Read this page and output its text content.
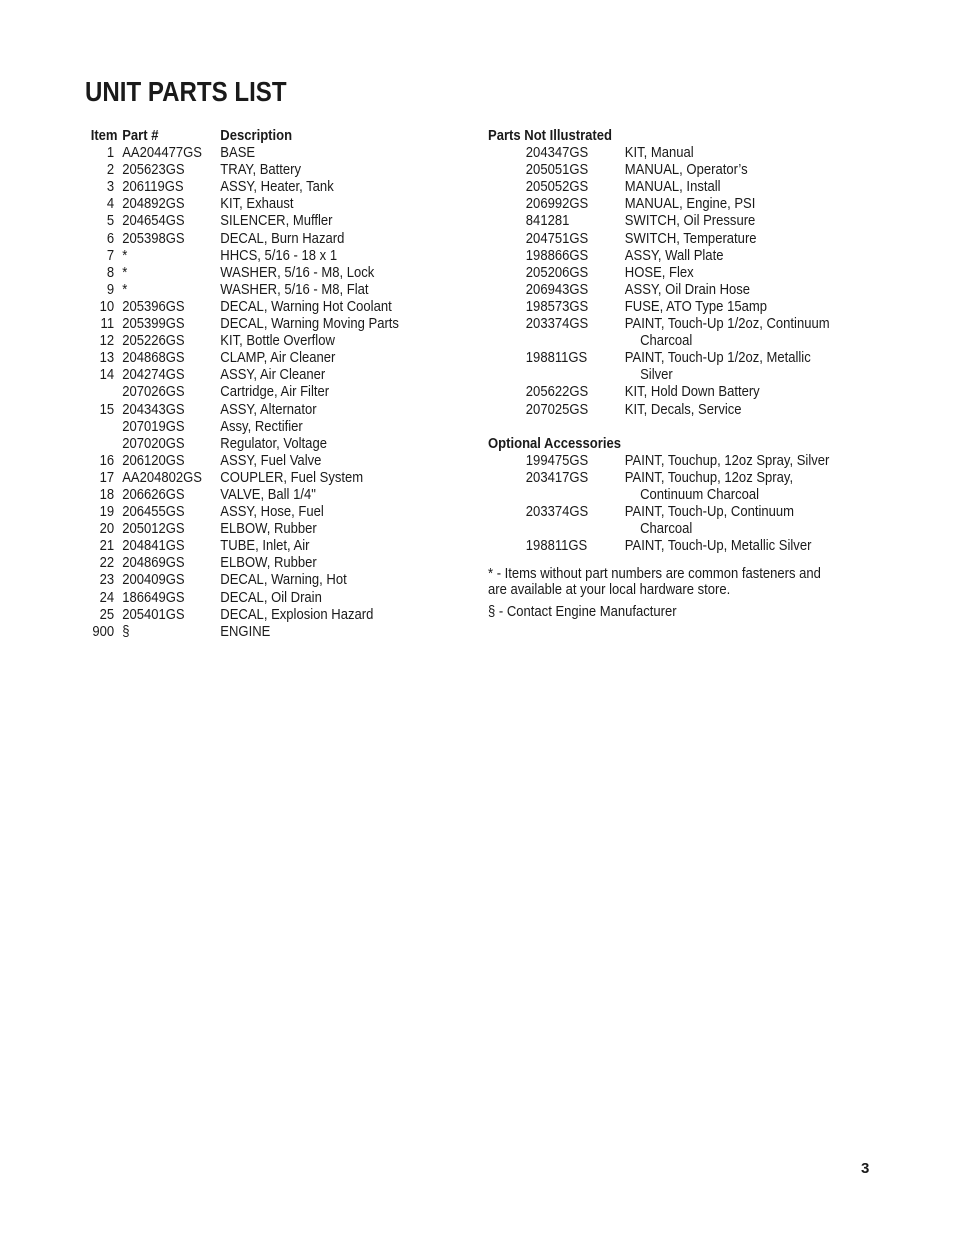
UNIT PARTS LIST
Item Part #	Description
1 AA204477GS BASE
2 205623GS TRAY, Battery
3 206119GS	ASSY, Heater, Tank
4 204892GS KIT, Exhaust
5 204654GS SILENCER, Muffler
6 205398GS DECAL, Burn Hazard
7 *	HHCS, 5/16 - 18 x 1
8 *	WASHER, 5/16 - M8, Lock
9 *	WASHER, 5/16 - M8, Flat
10 205396GS DECAL, Warning Hot Coolant
11 205399GS DECAL, Warning Moving Parts
12 205226GS KIT, Bottle Overflow
13 204868GS CLAMP, Air Cleaner
14 204274GS ASSY, Air Cleaner
207026GS Cartridge, Air Filter
15 204343GS ASSY, Alternator
207019GS Assy, Rectifier
207020GS Regulator, Voltage
16 206120GS ASSY, Fuel Valve
17 AA204802GS COUPLER, Fuel System
18 206626GS VALVE, Ball 1/4"
19 206455GS ASSY, Hose, Fuel
20 205012GS ELBOW, Rubber
21 204841GS TUBE, Inlet, Air
22 204869GS ELBOW, Rubber
23 200409GS DECAL, Warning, Hot
24 186649GS DECAL, Oil Drain
25 205401GS DECAL, Explosion Hazard
900 §	ENGINE
Parts Not Illustrated
204347GS	KIT, Manual
205051GS	MANUAL, Operator’s
205052GS	MANUAL, Install
206992GS	MANUAL, Engine, PSI
841281	SWITCH, Oil Pressure
204751GS	SWITCH, Temperature
198866GS	ASSY, Wall Plate
205206GS	HOSE, Flex
206943GS	ASSY, Oil Drain Hose
198573GS	FUSE, ATO Type 15amp
203374GS	PAINT, Touch-Up 1/2oz, Continuum
Charcoal
198811GS	PAINT, Touch-Up 1/2oz, Metallic
Silver
205622GS	KIT, Hold Down Battery
207025GS	KIT, Decals, Service
Optional Accessories
199475GS	PAINT, Touchup, 12oz Spray, Silver
203417GS	PAINT, Touchup, 12oz Spray,
Continuum Charcoal
203374GS	PAINT, Touch-Up, Continuum
Charcoal
198811GS	PAINT, Touch-Up, Metallic Silver
* - Items without part numbers are common fasteners and are available at your local hardware store.
§ - Contact Engine Manufacturer
3
